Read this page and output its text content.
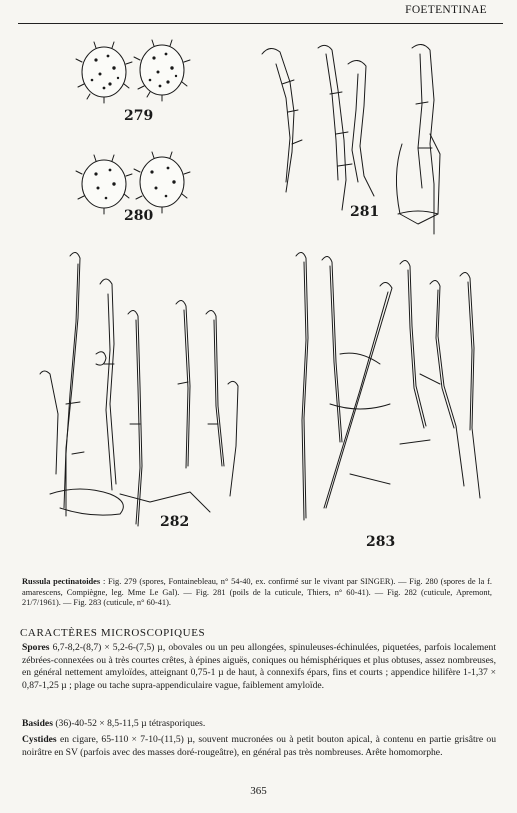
FOETENTINAE
279
280	281
282
283
Russula pectinatoides : Fig. 279 (spores, Fontainebleau, n° 54-40, ex. confirmé sur le vivant par SINGER). — Fig. 280 (spores de la f. amarescens, Compiègne, leg. Mme Le Gal). — Fig. 281 (poils de la cuticule, Thiers, n° 60-41). — Fig. 282 (cuticule, Apremont, 21/7/1961). — Fig. 283 (cuticule, n° 60-41).
CARACTÈRES MICROSCOPIQUES
Spores 6,7-8,2-(8,7) × 5,2-6-(7,5) µ, obovales ou un peu allongées, spinuleuses-échinulées, piquetées, parfois localement zébrées-connexées ou à très courtes crêtes, à épines aiguës, coniques ou hémisphériques et plus obtuses, assez nombreuses, en général nettement amyloïdes, atteignant 0,75-1 µ de haut, à connexifs épars, fins et courts ; appendice hilifère 1-1,37 × 0,87-1,25 µ ; plage ou tache supra-appendiculaire vague, faiblement amyloïde.
Basides (36)-40-52 × 8,5-11,5 µ tétrasporiques.
Cystides en cigare, 65-110 × 7-10-(11,5) µ, souvent mucronées ou à petit bouton apical, à contenu en partie grisâtre ou noirâtre en SV (parfois avec des masses doré-rougeâtre), en général pas très nombreuses. Arête homomorphe.
365
